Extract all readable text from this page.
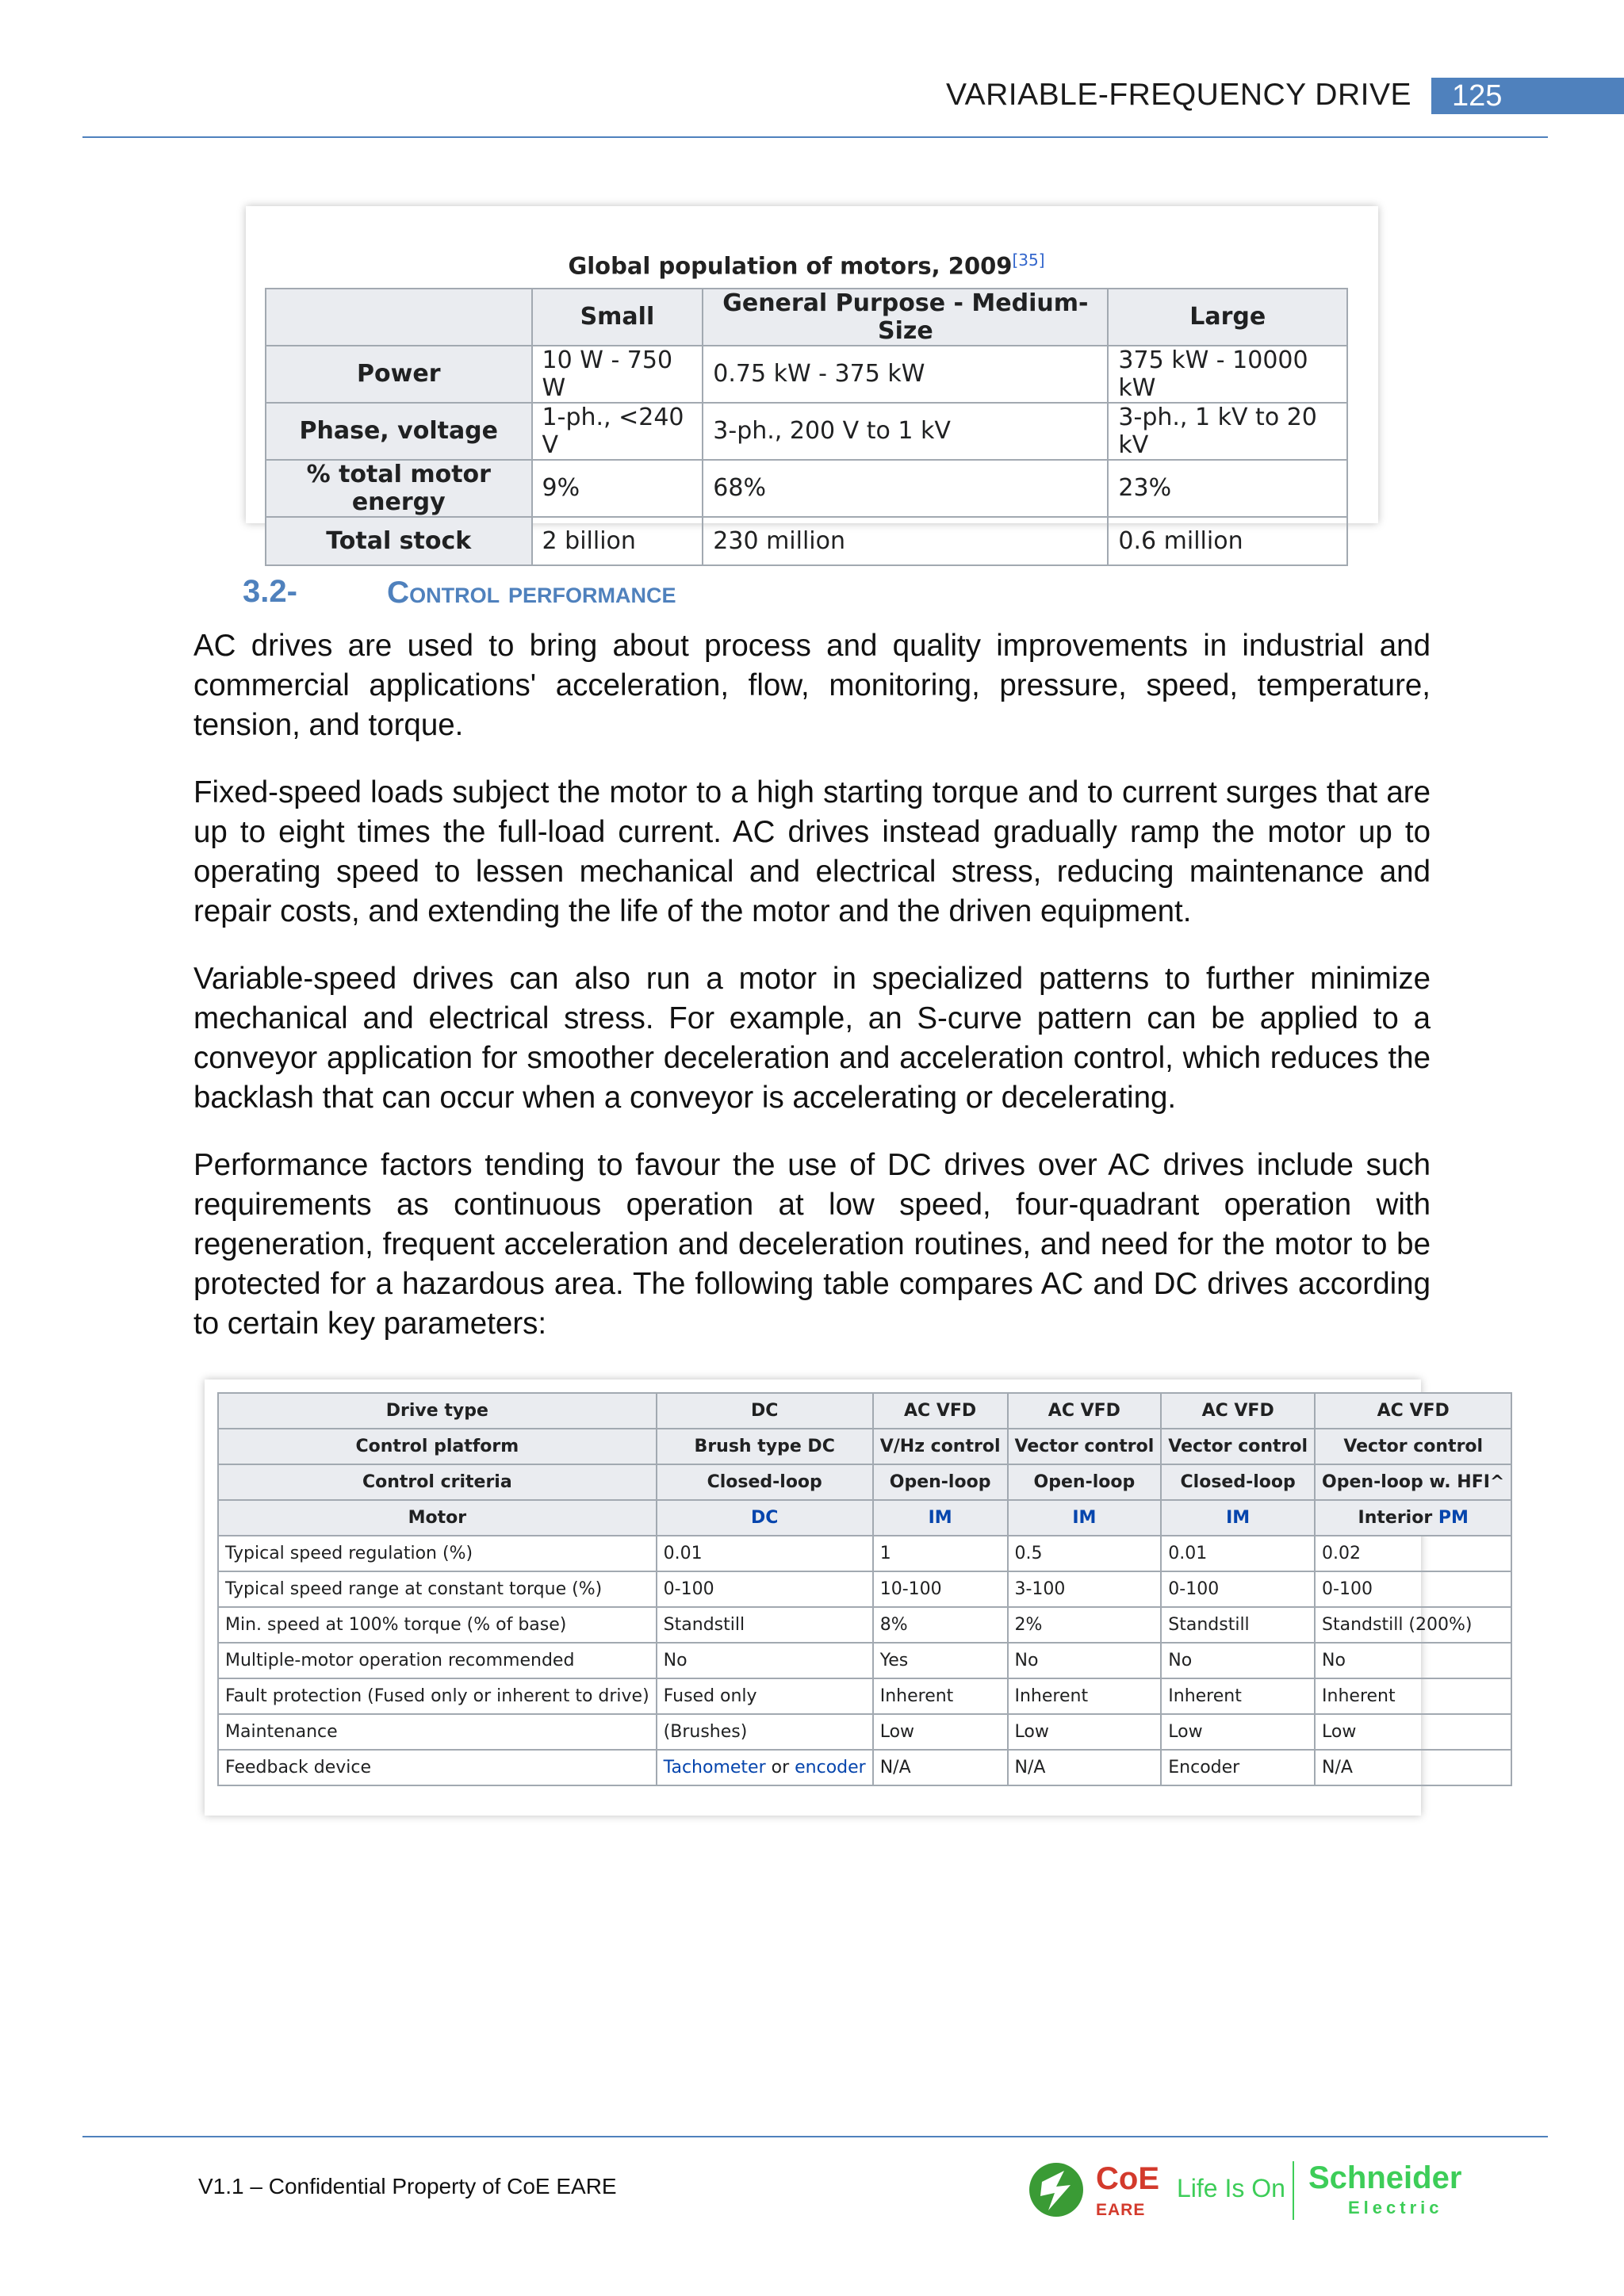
VARIABLE-FREQUENCY DRIVE	125
Global population of motors, 2009[35]
	Small	General Purpose - Medium-Size	Large
Power	10 W - 750 W	0.75 kW - 375 kW	375 kW - 10000 kW
Phase, voltage	1-ph., <240 V	3-ph., 200 V to 1 kV	3-ph., 1 kV to 20 kV
% total motor energy	9%	68%	23%
Total stock	2 billion	230 million	0.6 million
3.2-	Control performance

AC drives are used to bring about process and quality improvements in industrial and commercial applications' acceleration, flow, monitoring, pressure, speed, temperature, tension, and torque.

Fixed-speed loads subject the motor to a high starting torque and to current surges that are up to eight times the full-load current. AC drives instead gradually ramp the motor up to operating speed to lessen mechanical and electrical stress, reducing maintenance and repair costs, and extending the life of the motor and the driven equipment.

Variable-speed drives can also run a motor in specialized patterns to further minimize mechanical and electrical stress. For example, an S-curve pattern can be applied to a conveyor application for smoother deceleration and acceleration control, which reduces the backlash that can occur when a conveyor is accelerating or decelerating.

Performance factors tending to favour the use of DC drives over AC drives include such requirements as continuous operation at low speed, four-quadrant operation with regeneration, frequent acceleration and deceleration routines, and need for the motor to be protected for a hazardous area. The following table compares AC and DC drives according to certain key parameters:

Drive type	DC	AC VFD	AC VFD	AC VFD	AC VFD
Control platform	Brush type DC	V/Hz control	Vector control	Vector control	Vector control
Control criteria	Closed-loop	Open-loop	Open-loop	Closed-loop	Open-loop w. HFI^
Motor	DC	IM	IM	IM	Interior PM
Typical speed regulation (%)	0.01	1	0.5	0.01	0.02
Typical speed range at constant torque (%)	0-100	10-100	3-100	0-100	0-100
Min. speed at 100% torque (% of base)	Standstill	8%	2%	Standstill	Standstill (200%)
Multiple-motor operation recommended	No	Yes	No	No	No
Fault protection (Fused only or inherent to drive)	Fused only	Inherent	Inherent	Inherent	Inherent
Maintenance	(Brushes)	Low	Low	Low	Low
Feedback device	Tachometer or encoder	N/A	N/A	Encoder	N/A
V1.1 – Confidential Property of CoE EARE	CoE
EARE
Life Is On Schneider
Electric
